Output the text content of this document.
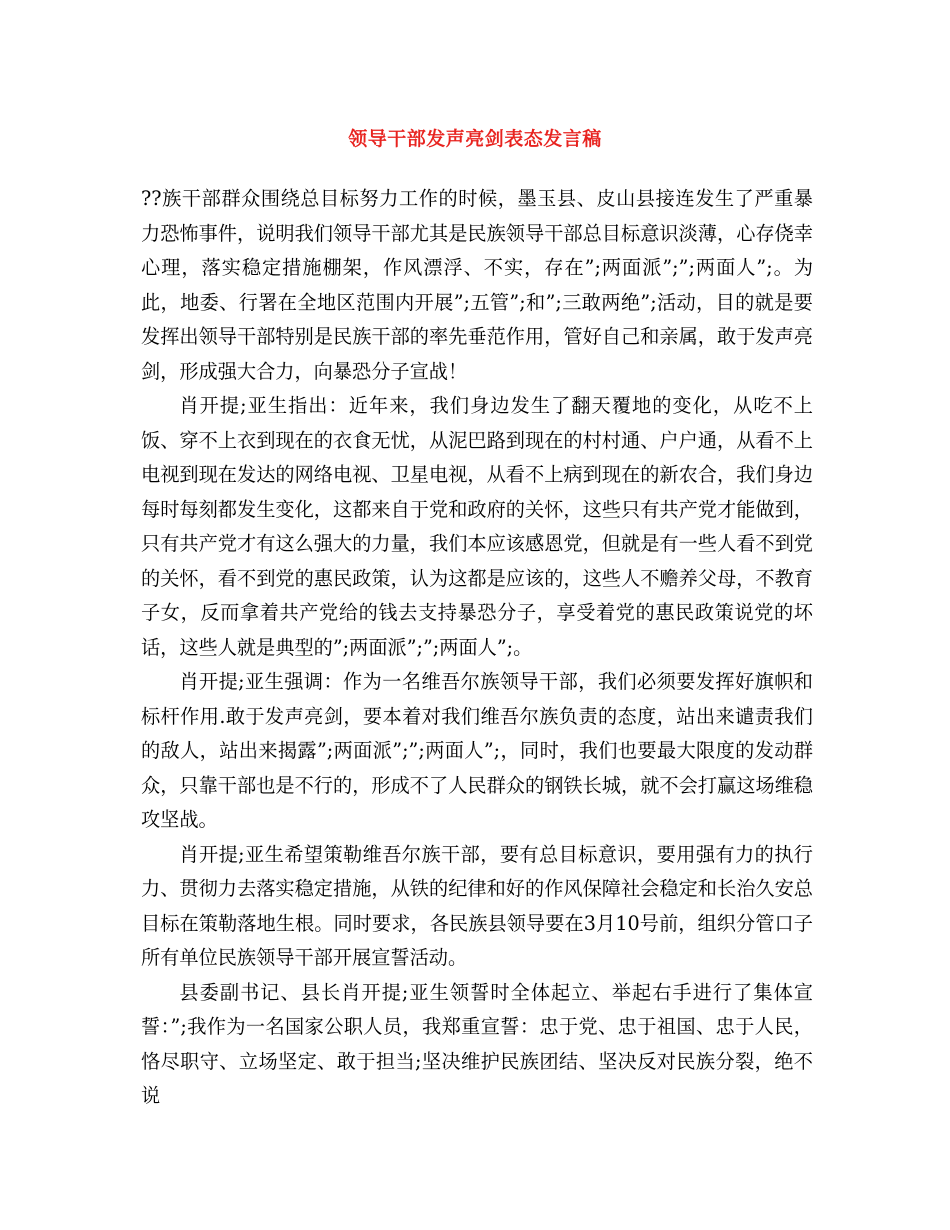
领导干部发声亮剑表态发言稿

??族干部群众围绕总目标努力工作的时候，墨玉县、皮山县接连发生了严重暴力恐怖事件，说明我们领导干部尤其是民族领导干部总目标意识淡薄，心存侥幸心理，落实稳定措施棚架，作风漂浮、不实，存在”;两面派”;”;两面人”;。为此，地委、行署在全地区范围内开展”;五管”;和”;三敢两绝”;活动，目的就是要发挥出领导干部特别是民族干部的率先垂范作用，管好自己和亲属，敢于发声亮剑，形成强大合力，向暴恐分子宣战！

肖开提;亚生指出：近年来，我们身边发生了翻天覆地的变化，从吃不上饭、穿不上衣到现在的衣食无忧，从泥巴路到现在的村村通、户户通，从看不上电视到现在发达的网络电视、卫星电视，从看不上病到现在的新农合，我们身边每时每刻都发生变化，这都来自于党和政府的关怀，这些只有共产党才能做到，只有共产党才有这么强大的力量，我们本应该感恩党，但就是有一些人看不到党的关怀，看不到党的惠民政策，认为这都是应该的，这些人不赡养父母，不教育子女，反而拿着共产党给的钱去支持暴恐分子，享受着党的惠民政策说党的坏话，这些人就是典型的”;两面派”;”;两面人”;。

肖开提;亚生强调：作为一名维吾尔族领导干部，我们必须要发挥好旗帜和标杆作用.敢于发声亮剑，要本着对我们维吾尔族负责的态度，站出来谴责我们的敌人，站出来揭露”;两面派”;”;两面人”;，同时，我们也要最大限度的发动群众，只靠干部也是不行的，形成不了人民群众的钢铁长城，就不会打赢这场维稳攻坚战。

肖开提;亚生希望策勒维吾尔族干部，要有总目标意识，要用强有力的执行力、贯彻力去落实稳定措施，从铁的纪律和好的作风保障社会稳定和长治久安总目标在策勒落地生根。同时要求，各民族县领导要在3月10号前，组织分管口子所有单位民族领导干部开展宣誓活动。

县委副书记、县长肖开提;亚生领誓时全体起立、举起右手进行了集体宣誓：”;我作为一名国家公职人员，我郑重宣誓：忠于党、忠于祖国、忠于人民，恪尽职守、立场坚定、敢于担当;坚决维护民族团结、坚决反对民族分裂，绝不说
